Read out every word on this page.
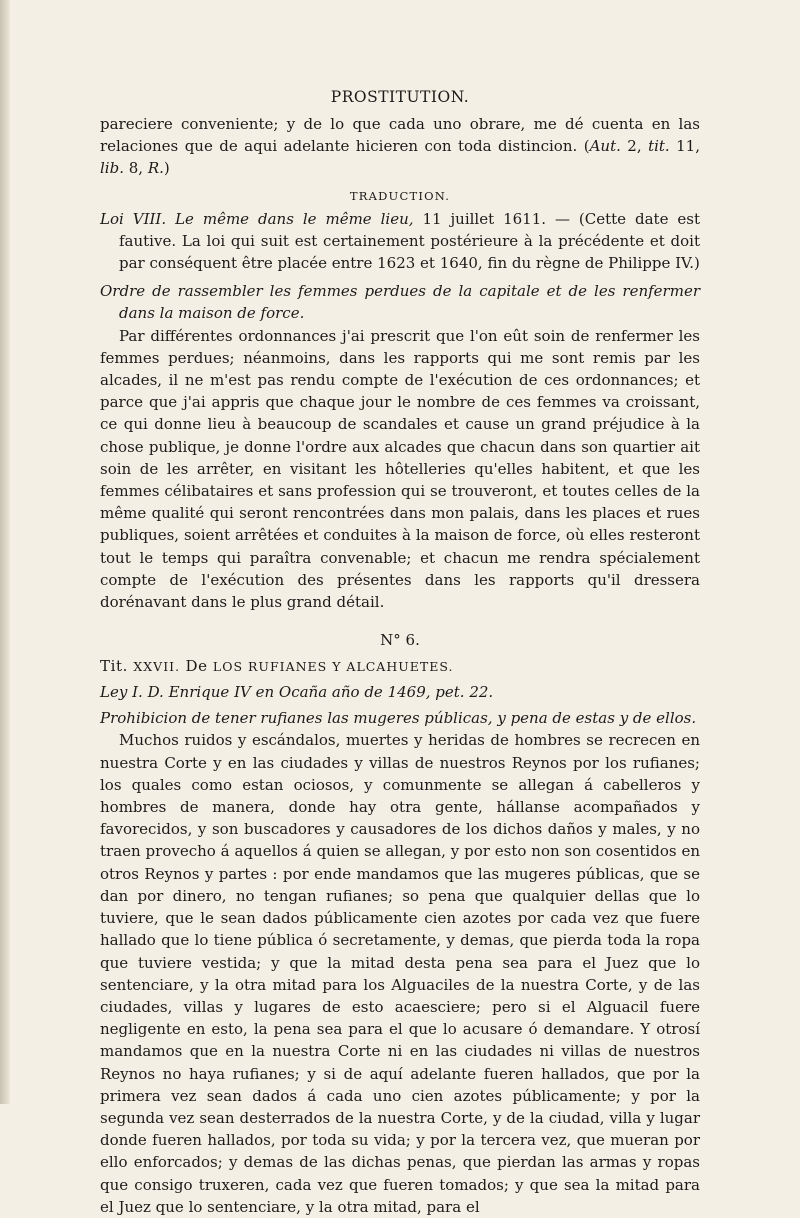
PROSTITUTION.

pareciere conveniente; y de lo que cada uno obrare, me dé cuenta en las relaciones que de aqui adelante hicieren con toda distincion. (Aut. 2, tit. 11, lib. 8, R.)

TRADUCTION.

Loi VIII. Le même dans le même lieu, 11 juillet 1611. — (Cette date est fautive. La loi qui suit est certainement postérieure à la précédente et doit par conséquent être placée entre 1623 et 1640, fin du règne de Philippe IV.)

Ordre de rassembler les femmes perdues de la capitale et de les renfermer dans la maison de force.

Par différentes ordonnances j'ai prescrit que l'on eût soin de renfermer les femmes perdues; néanmoins, dans les rapports qui me sont remis par les alcades, il ne m'est pas rendu compte de l'exécution de ces ordonnances; et parce que j'ai appris que chaque jour le nombre de ces femmes va croissant, ce qui donne lieu à beaucoup de scandales et cause un grand préjudice à la chose publique, je donne l'ordre aux alcades que chacun dans son quartier ait soin de les arrêter, en visitant les hôtelleries qu'elles habitent, et que les femmes célibataires et sans profession qui se trouveront, et toutes celles de la même qualité qui seront rencontrées dans mon palais, dans les places et rues publiques, soient arrêtées et conduites à la maison de force, où elles resteront tout le temps qui paraîtra convenable; et chacun me rendra spécialement compte de l'exécution des présentes dans les rapports qu'il dressera dorénavant dans le plus grand détail.

N° 6.
Tit. XXVII. De LOS RUFIANES Y ALCAHUETES.
Ley I. D. Enrique IV en Ocaña año de 1469, pet. 22.

Prohibicion de tener rufianes las mugeres públicas, y pena de estas y de ellos.

Muchos ruidos y escándalos, muertes y heridas de hombres se recrecen en nuestra Corte y en las ciudades y villas de nuestros Reynos por los rufianes; los quales como estan ociosos, y comunmente se allegan á cabelleros y hombres de manera, donde hay otra gente, hállanse acompañados y favorecidos, y son buscadores y causadores de los dichos daños y males, y no traen provecho á aquellos á quien se allegan, y por esto non son cosentidos en otros Reynos y partes : por ende mandamos que las mugeres públicas, que se dan por dinero, no tengan rufianes; so pena que qualquier dellas que lo tuviere, que le sean dados públicamente cien azotes por cada vez que fuere hallado que lo tiene pública ó secretamente, y demas, que pierda toda la ropa que tuviere vestida; y que la mitad desta pena sea para el Juez que lo sentenciare, y la otra mitad para los Alguaciles de la nuestra Corte, y de las ciudades, villas y lugares de esto acaesciere; pero si el Alguacil fuere negligente en esto, la pena sea para el que lo acusare ó demandare. Y otrosí mandamos que en la nuestra Corte ni en las ciudades ni villas de nuestros Reynos no haya rufianes; y si de aquí adelante fueren hallados, que por la primera vez sean dados á cada uno cien azotes públicamente; y por la segunda vez sean desterrados de la nuestra Corte, y de la ciudad, villa y lugar donde fueren hallados, por toda su vida; y por la tercera vez, que mueran por ello enforcados; y demas de las dichas penas, que pierdan las armas y ropas que consigo truxeren, cada vez que fueren tomados; y que sea la mitad para el Juez que lo sentenciare, y la otra mitad, para el
